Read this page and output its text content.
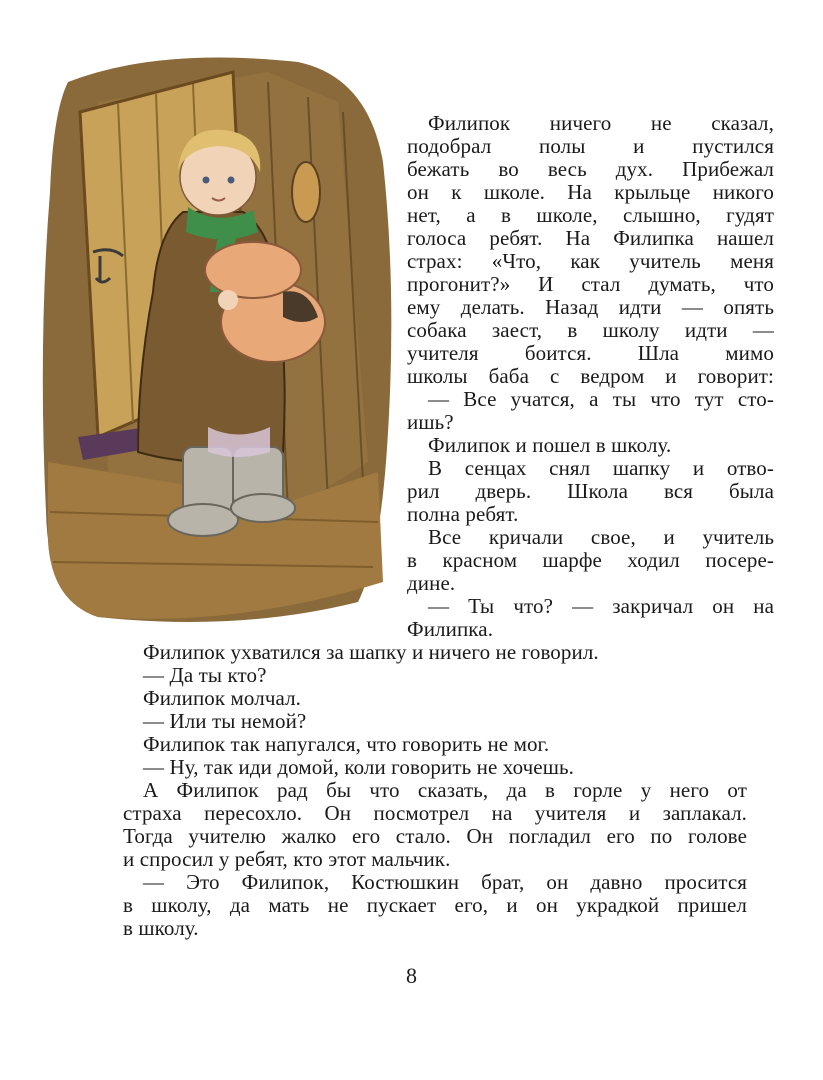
Филипок ничего не сказал,
подобрал полы и пустился
бежать во весь дух. Прибежал
он к школе. На крыльце никого
нет, а в школе, слышно, гудят
голоса ребят. На Филипка нашел
страх: «Что, как учитель меня
прогонит?» И стал думать, что
ему делать. Назад идти — опять
собака заест, в школу идти —
учителя боится. Шла мимо
школы баба с ведром и говорит:
— Все учатся, а ты что тут сто-
ишь?
Филипок и пошел в школу.
В сенцах снял шапку и отво-
рил дверь. Школа вся была
полна ребят.
Все кричали свое, и учитель
в красном шарфе ходил посере-
дине.
— Ты что? — закричал он на
Филипка.
Филипок ухватился за шапку и ничего не говорил.
— Да ты кто?
Филипок молчал.
— Или ты немой?
Филипок так напугался, что говорить не мог.
— Ну, так иди домой, коли говорить не хочешь.
А Филипок рад бы что сказать, да в горле у него от
страха пересохло. Он посмотрел на учителя и заплакал.
Тогда учителю жалко его стало. Он погладил его по голове
и спросил у ребят, кто этот мальчик.
— Это Филипок, Костюшкин брат, он давно просится
в школу, да мать не пускает его, и он украдкой пришел
в школу.
8
